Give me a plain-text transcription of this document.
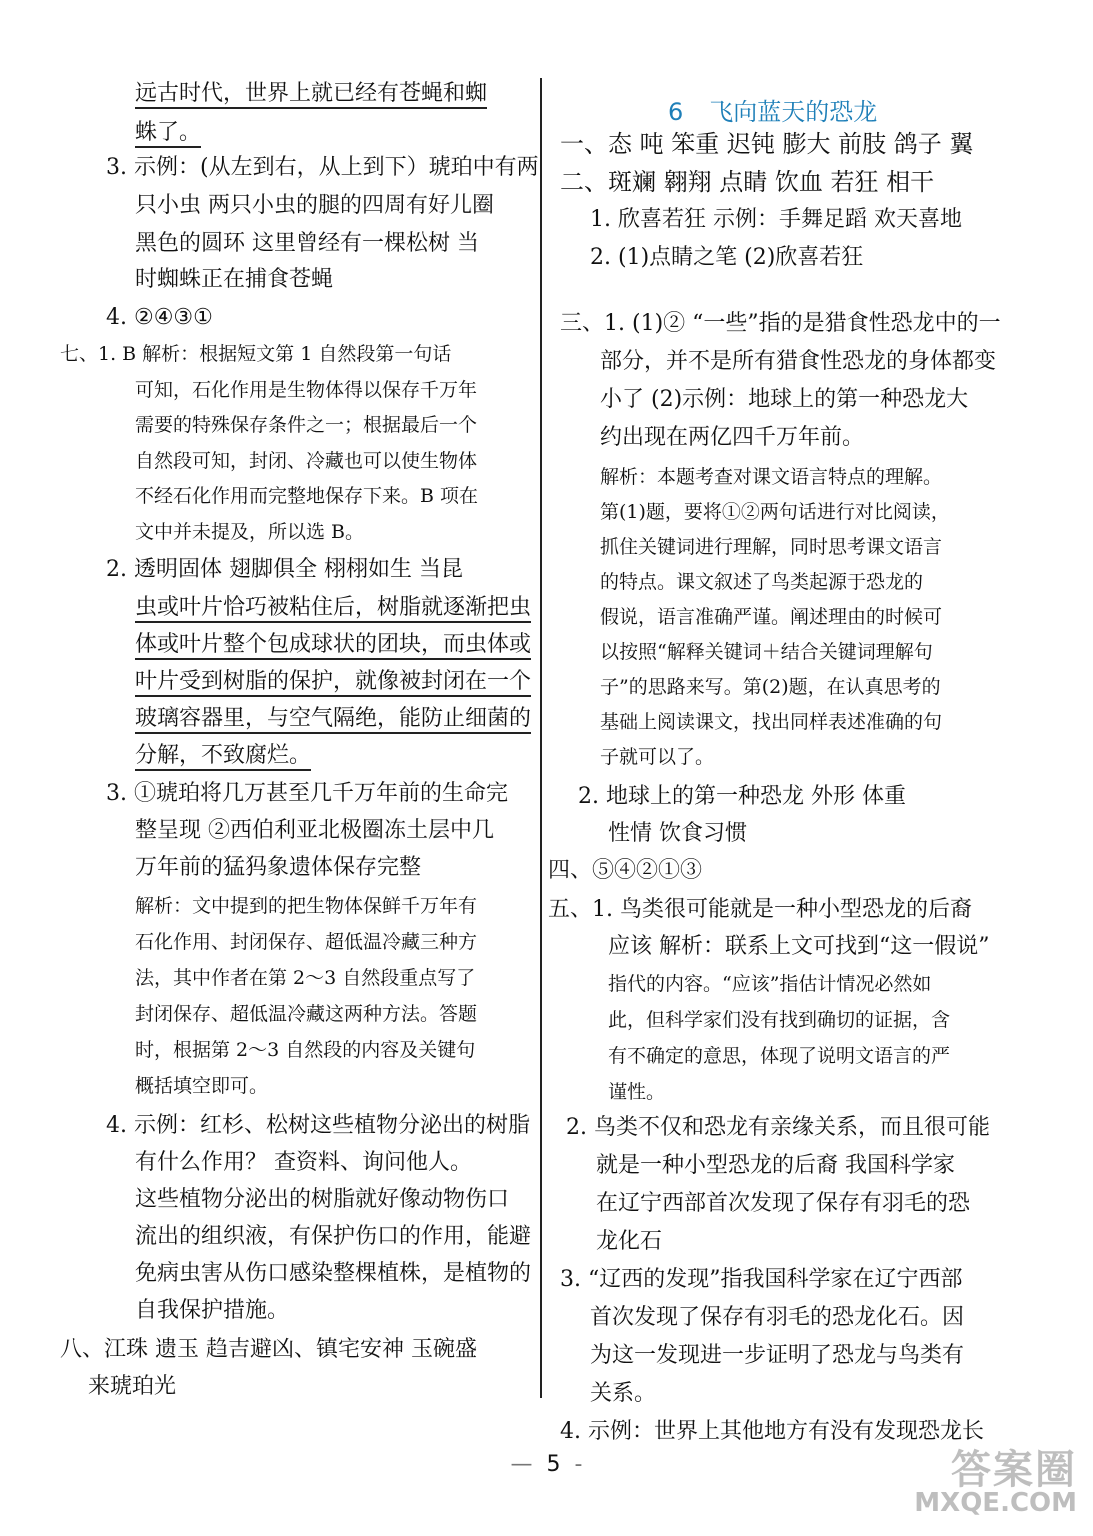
远古时代，世界上就已经有苍蝇和蜘
蛛了。
3. 示例：(从左到右，从上到下）琥珀中有两
只小虫 两只小虫的腿的四周有好儿圈
黑色的圆环 这里曾经有一棵松树 当
时蜘蛛正在捕食苍蝇
4. ②④③①
七、1. B 解析：根据短文第 1 自然段第一句话
可知，石化作用是生物体得以保存千万年
需要的特殊保存条件之一；根据最后一个
自然段可知，封闭、冷藏也可以使生物体
不经石化作用而完整地保存下来。B 项在
文中并未提及，所以选 B。
2. 透明固体 翅脚俱全 栩栩如生 当昆
虫或叶片恰巧被粘住后，树脂就逐渐把虫
体或叶片整个包成球状的团块，而虫体或
叶片受到树脂的保护，就像被封闭在一个
玻璃容器里，与空气隔绝，能防止细菌的
分解，不致腐烂。
3. ①琥珀将几万甚至几千万年前的生命完
整呈现 ②西伯利亚北极圈冻土层中几
万年前的猛犸象遗体保存完整
解析：文中提到的把生物体保鲜千万年有
石化作用、封闭保存、超低温冷藏三种方
法，其中作者在第 2～3 自然段重点写了
封闭保存、超低温冷藏这两种方法。答题
时，根据第 2～3 自然段的内容及关键句
概括填空即可。
4. 示例：红杉、松树这些植物分泌出的树脂
有什么作用？ 查资料、询问他人。
这些植物分泌出的树脂就好像动物伤口
流出的组织液，有保护伤口的作用，能避
免病虫害从伤口感染整棵植株，是植物的
自我保护措施。
八、江珠 遗玉 趋吉避凶、镇宅安神 玉碗盛
来琥珀光
6 飞向蓝天的恐龙
一、态 吨 笨重 迟钝 膨大 前肢 鸽子 翼
二、斑斓 翱翔 点睛 饮血 若狂 相干
1. 欣喜若狂 示例：手舞足蹈 欢天喜地
2. (1)点睛之笔 (2)欣喜若狂
三、1. (1)② “一些”指的是猎食性恐龙中的一
部分，并不是所有猎食性恐龙的身体都变
小了 (2)示例：地球上的第一种恐龙大
约出现在两亿四千万年前。
解析：本题考查对课文语言特点的理解。
第(1)题，要将①②两句话进行对比阅读，
抓住关键词进行理解，同时思考课文语言
的特点。课文叙述了鸟类起源于恐龙的
假说，语言准确严谨。阐述理由的时候可
以按照“解释关键词＋结合关键词理解句
子”的思路来写。第(2)题，在认真思考的
基础上阅读课文，找出同样表述准确的句
子就可以了。
2. 地球上的第一种恐龙 外形 体重
性情 饮食习惯
四、⑤④②①③
五、1. 鸟类很可能就是一种小型恐龙的后裔
应该 解析：联系上文可找到“这一假说”
指代的内容。“应该”指估计情况必然如
此，但科学家们没有找到确切的证据，含
有不确定的意思，体现了说明文语言的严
谨性。
2. 鸟类不仅和恐龙有亲缘关系，而且很可能
就是一种小型恐龙的后裔 我国科学家
在辽宁西部首次发现了保存有羽毛的恐
龙化石
3. “辽西的发现”指我国科学家在辽宁西部
首次发现了保存有羽毛的恐龙化石。因
为这一发现进一步证明了恐龙与鸟类有
关系。
4. 示例：世界上其他地方有没有发现恐龙长
— 5 -	答案圈
MXQE.COM
